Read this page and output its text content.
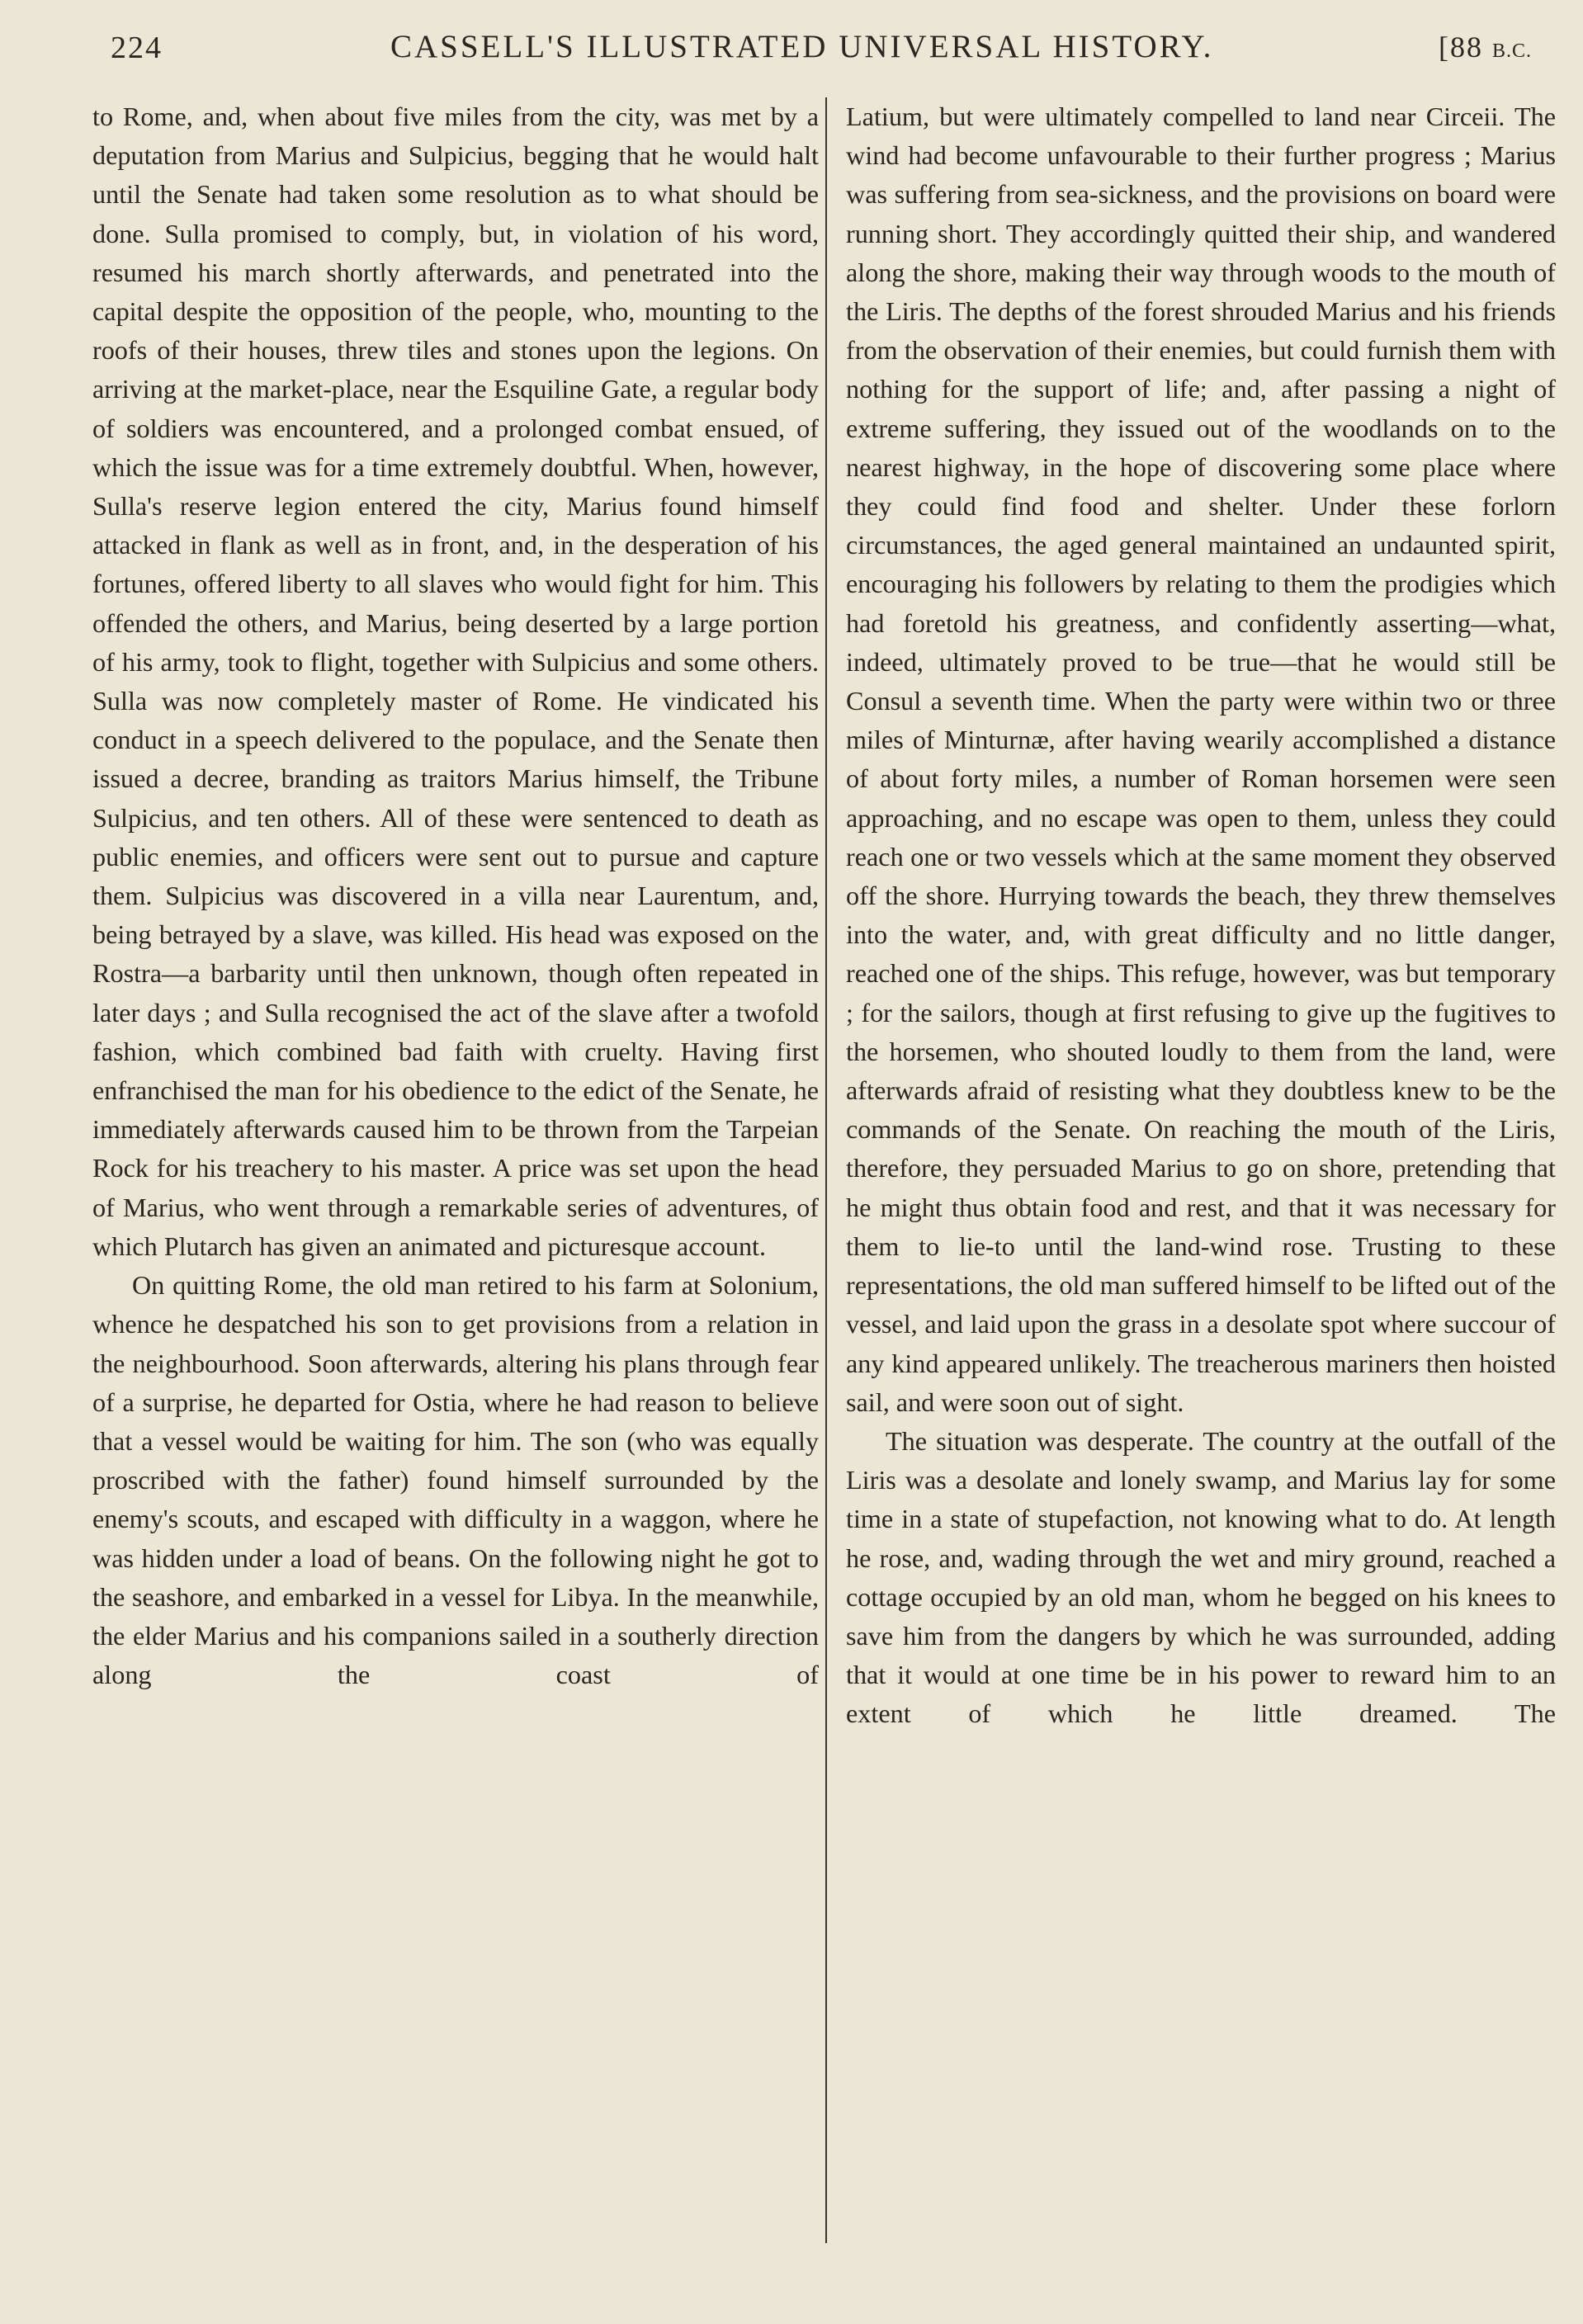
224	CASSELL'S ILLUSTRATED UNIVERSAL HISTORY.	[88 B.C.

to Rome, and, when about five miles from the city, was met by a deputation from Marius and Sulpicius, begging that he would halt until the Senate had taken some resolution as to what should be done. Sulla promised to comply, but, in violation of his word, resumed his march shortly afterwards, and penetrated into the capital despite the opposition of the people, who, mounting to the roofs of their houses, threw tiles and stones upon the legions. On arriving at the market-place, near the Esquiline Gate, a regular body of soldiers was encountered, and a prolonged combat ensued, of which the issue was for a time extremely doubtful. When, however, Sulla's reserve legion entered the city, Marius found himself attacked in flank as well as in front, and, in the desperation of his fortunes, offered liberty to all slaves who would fight for him. This offended the others, and Marius, being deserted by a large portion of his army, took to flight, together with Sulpicius and some others. Sulla was now completely master of Rome. He vindicated his conduct in a speech delivered to the populace, and the Senate then issued a decree, branding as traitors Marius himself, the Tribune Sulpicius, and ten others. All of these were sentenced to death as public enemies, and officers were sent out to pursue and capture them. Sulpicius was discovered in a villa near Laurentum, and, being betrayed by a slave, was killed. His head was exposed on the Rostra—a barbarity until then unknown, though often repeated in later days ; and Sulla recognised the act of the slave after a twofold fashion, which combined bad faith with cruelty. Having first enfranchised the man for his obedience to the edict of the Senate, he immediately afterwards caused him to be thrown from the Tarpeian Rock for his treachery to his master. A price was set upon the head of Marius, who went through a remarkable series of adventures, of which Plutarch has given an animated and picturesque account.

On quitting Rome, the old man retired to his farm at Solonium, whence he despatched his son to get provisions from a relation in the neighbourhood. Soon afterwards, altering his plans through fear of a surprise, he departed for Ostia, where he had reason to believe that a vessel would be waiting for him. The son (who was equally proscribed with the father) found himself surrounded by the enemy's scouts, and escaped with difficulty in a waggon, where he was hidden under a load of beans. On the following night he got to the seashore, and embarked in a vessel for Libya. In the meanwhile, the elder Marius and his companions sailed in a southerly direction along the coast of

Latium, but were ultimately compelled to land near Circeii. The wind had become unfavourable to their further progress ; Marius was suffering from sea-sickness, and the provisions on board were running short. They accordingly quitted their ship, and wandered along the shore, making their way through woods to the mouth of the Liris. The depths of the forest shrouded Marius and his friends from the observation of their enemies, but could furnish them with nothing for the support of life; and, after passing a night of extreme suffering, they issued out of the woodlands on to the nearest highway, in the hope of discovering some place where they could find food and shelter. Under these forlorn circumstances, the aged general maintained an undaunted spirit, encouraging his followers by relating to them the prodigies which had foretold his greatness, and confidently asserting—what, indeed, ultimately proved to be true—that he would still be Consul a seventh time. When the party were within two or three miles of Minturnæ, after having wearily accomplished a distance of about forty miles, a number of Roman horsemen were seen approaching, and no escape was open to them, unless they could reach one or two vessels which at the same moment they observed off the shore. Hurrying towards the beach, they threw themselves into the water, and, with great difficulty and no little danger, reached one of the ships. This refuge, however, was but temporary ; for the sailors, though at first refusing to give up the fugitives to the horsemen, who shouted loudly to them from the land, were afterwards afraid of resisting what they doubtless knew to be the commands of the Senate. On reaching the mouth of the Liris, therefore, they persuaded Marius to go on shore, pretending that he might thus obtain food and rest, and that it was necessary for them to lie-to until the land-wind rose. Trusting to these representations, the old man suffered himself to be lifted out of the vessel, and laid upon the grass in a desolate spot where succour of any kind appeared unlikely. The treacherous mariners then hoisted sail, and were soon out of sight.

The situation was desperate. The country at the outfall of the Liris was a desolate and lonely swamp, and Marius lay for some time in a state of stupefaction, not knowing what to do. At length he rose, and, wading through the wet and miry ground, reached a cottage occupied by an old man, whom he begged on his knees to save him from the dangers by which he was surrounded, adding that it would at one time be in his power to reward him to an extent of which he little dreamed. The
